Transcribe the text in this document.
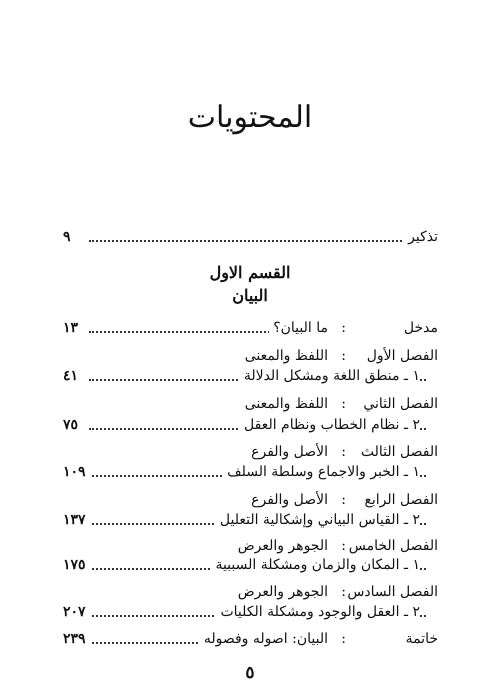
المحتويات
تذكير
٩
القسم الاول
البيان
مدخل
:
ما البيان؟
١٣
الفصل الأول
:
اللفظ والمعنى
١ ـ منطق اللغة ومشكل الدلالة
٤١
الفصل الثاني
:
اللفظ والمعنى
٢ ـ نظام الخطاب ونظام العقل
٧٥
الفصل الثالث
:
الأصل والفرع
١ ـ الخبر والاجماع وسلطة السلف
١٠٩
الفصل الرابع
:
الأصل والفرع
٢ ـ القياس البياني وإشكالية التعليل
١٣٧
الفصل الخامس
:
الجوهر والعرض
١ ـ المكان والزمان ومشكلة السببية
١٧٥
الفصل السادس
:
الجوهر والعرض
٢ ـ العقل والوجود ومشكلة الكليات
٢٠٧
خاتمة
:
البيان: اصوله وفصوله
٢٣٩
٥
